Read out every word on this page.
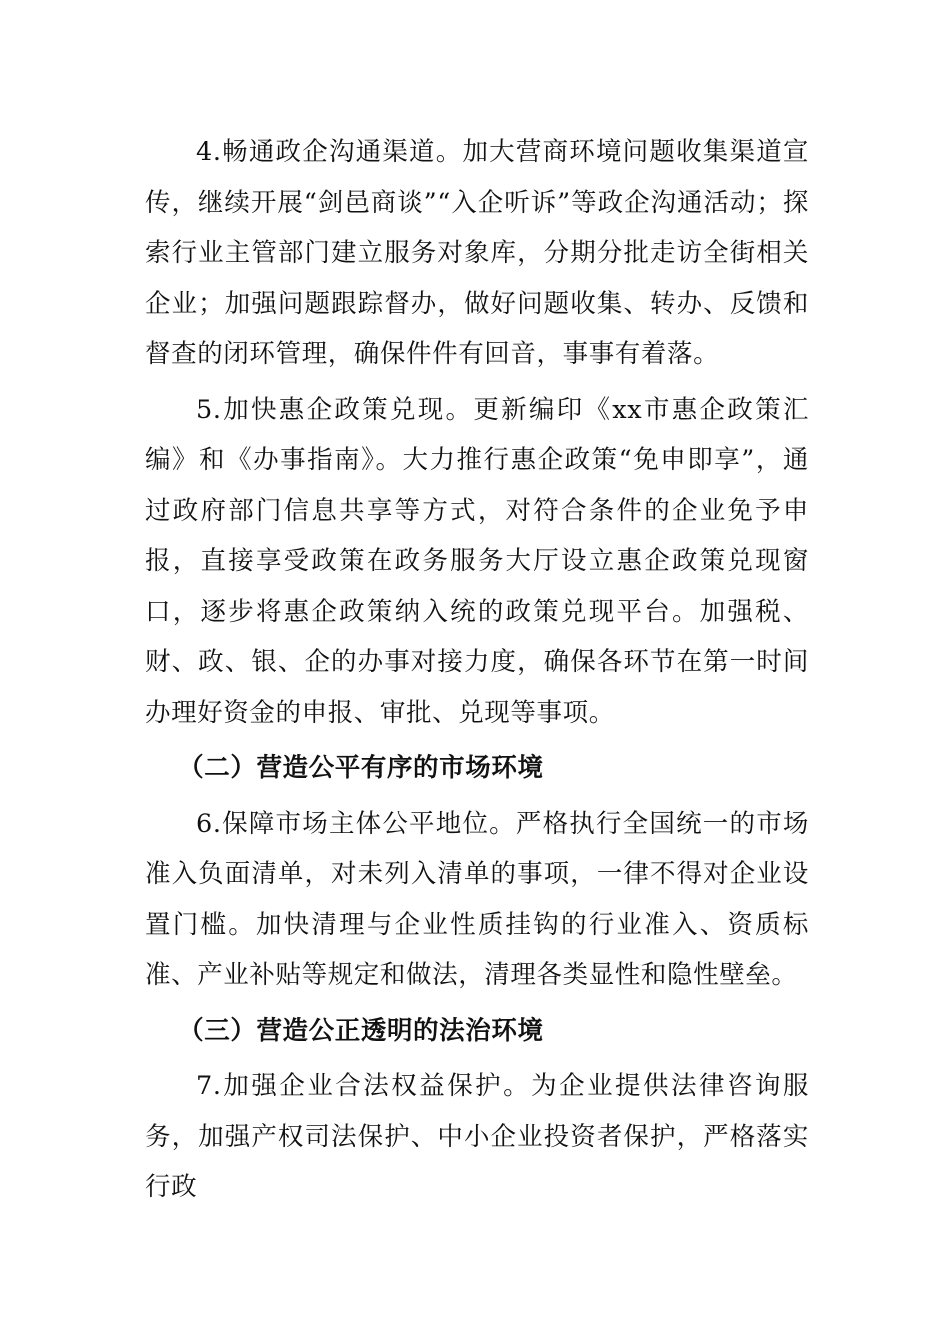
4.畅通政企沟通渠道。加大营商环境问题收集渠道宣传，继续开展“剑邑商谈”“入企听诉”等政企沟通活动；探索行业主管部门建立服务对象库，分期分批走访全街相关企业；加强问题跟踪督办，做好问题收集、转办、反馈和督查的闭环管理，确保件件有回音，事事有着落。

5.加快惠企政策兑现。更新编印《xx市惠企政策汇编》和《办事指南》。大力推行惠企政策“免申即享”，通过政府部门信息共享等方式，对符合条件的企业免予申报，直接享受政策在政务服务大厅设立惠企政策兑现窗口，逐步将惠企政策纳入统的政策兑现平台。加强税、财、政、银、企的办事对接力度，确保各环节在第一时间办理好资金的申报、审批、兑现等事项。

（二）营造公平有序的市场环境

6.保障市场主体公平地位。严格执行全国统一的市场准入负面清单，对未列入清单的事项，一律不得对企业设置门槛。加快清理与企业性质挂钩的行业准入、资质标准、产业补贴等规定和做法，清理各类显性和隐性壁垒。

（三）营造公正透明的法治环境

7.加强企业合法权益保护。为企业提供法律咨询服务，加强产权司法保护、中小企业投资者保护，严格落实行政
